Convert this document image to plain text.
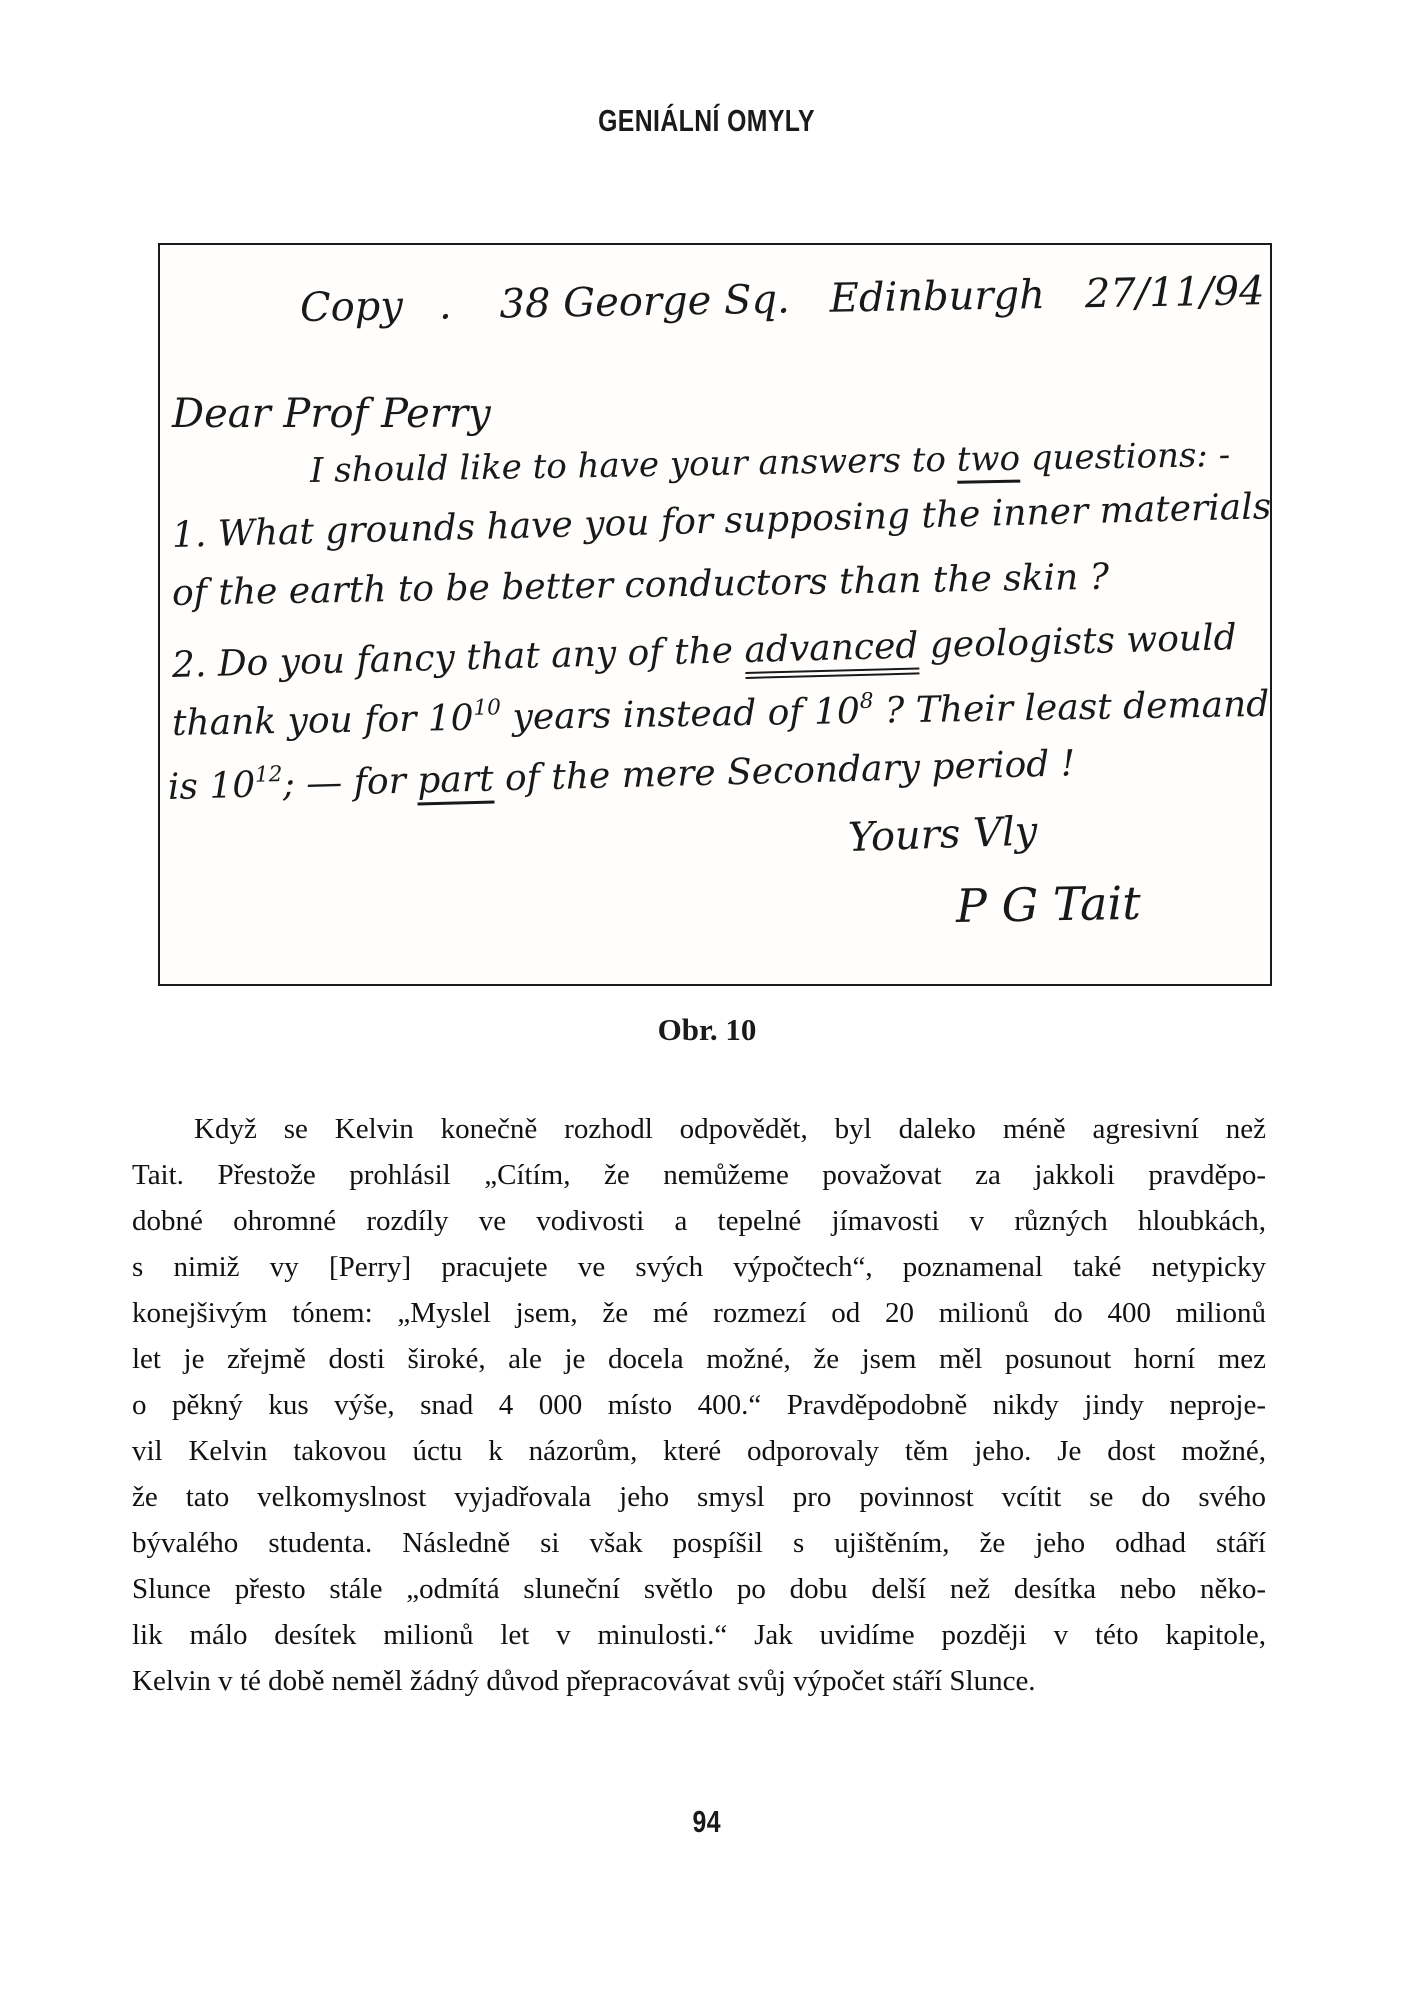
GENIÁLNÍ OMYLY
Copy . 38 George Sq. Edinburgh 27/11/94
Dear Prof Perry
I should like to have your answers to two questions: -
1. What grounds have you for supposing the inner materials
of the earth to be better conductors than the skin ?
2. Do you fancy that any of the advanced geologists would
thank you for $10^{10}$ years instead of $10^8$ ? Their least demand
is $10^{12}$; — for part of the mere Secondary period !
Yours Vly
P G Tait
Obr. 10
Když se Kelvin konečně rozhodl odpovědět, byl daleko méně agresivní než
Tait. Přestože prohlásil „Cítím, že nemůžeme považovat za jakkoli pravděpo-
dobné ohromné rozdíly ve vodivosti a tepelné jímavosti v různých hloubkách,
s nimiž vy [Perry] pracujete ve svých výpočtech“, poznamenal také netypicky
konejšivým tónem: „Myslel jsem, že mé rozmezí od 20 milionů do 400 milionů
let je zřejmě dosti široké, ale je docela možné, že jsem měl posunout horní mez
o pěkný kus výše, snad 4 000 místo 400.“ Pravděpodobně nikdy jindy neproje-
vil Kelvin takovou úctu k názorům, které odporovaly těm jeho. Je dost možné,
že tato velkomyslnost vyjadřovala jeho smysl pro povinnost vcítit se do svého
bývalého studenta. Následně si však pospíšil s ujištěním, že jeho odhad stáří
Slunce přesto stále „odmítá sluneční světlo po dobu delší než desítka nebo něko-
lik málo desítek milionů let v minulosti.“ Jak uvidíme později v této kapitole,
Kelvin v té době neměl žádný důvod přepracovávat svůj výpočet stáří Slunce.
94
